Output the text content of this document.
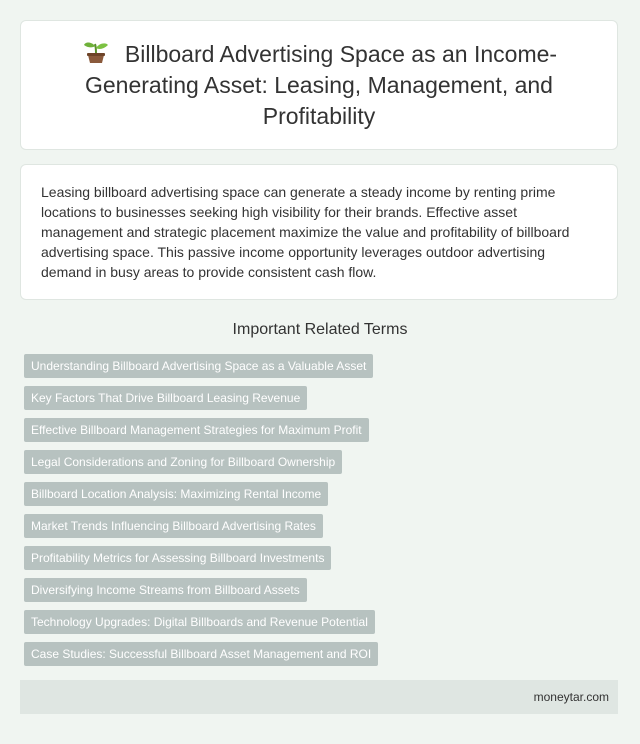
Billboard Advertising Space as an Income-Generating Asset: Leasing, Management, and Profitability

Leasing billboard advertising space can generate a steady income by renting prime locations to businesses seeking high visibility for their brands. Effective asset management and strategic placement maximize the value and profitability of billboard advertising space. This passive income opportunity leverages outdoor advertising demand in busy areas to provide consistent cash flow.

Important Related Terms
Understanding Billboard Advertising Space as a Valuable Asset
Key Factors That Drive Billboard Leasing Revenue
Effective Billboard Management Strategies for Maximum Profit
Legal Considerations and Zoning for Billboard Ownership
Billboard Location Analysis: Maximizing Rental Income
Market Trends Influencing Billboard Advertising Rates
Profitability Metrics for Assessing Billboard Investments
Diversifying Income Streams from Billboard Assets
Technology Upgrades: Digital Billboards and Revenue Potential
Case Studies: Successful Billboard Asset Management and ROI
moneytar.com
